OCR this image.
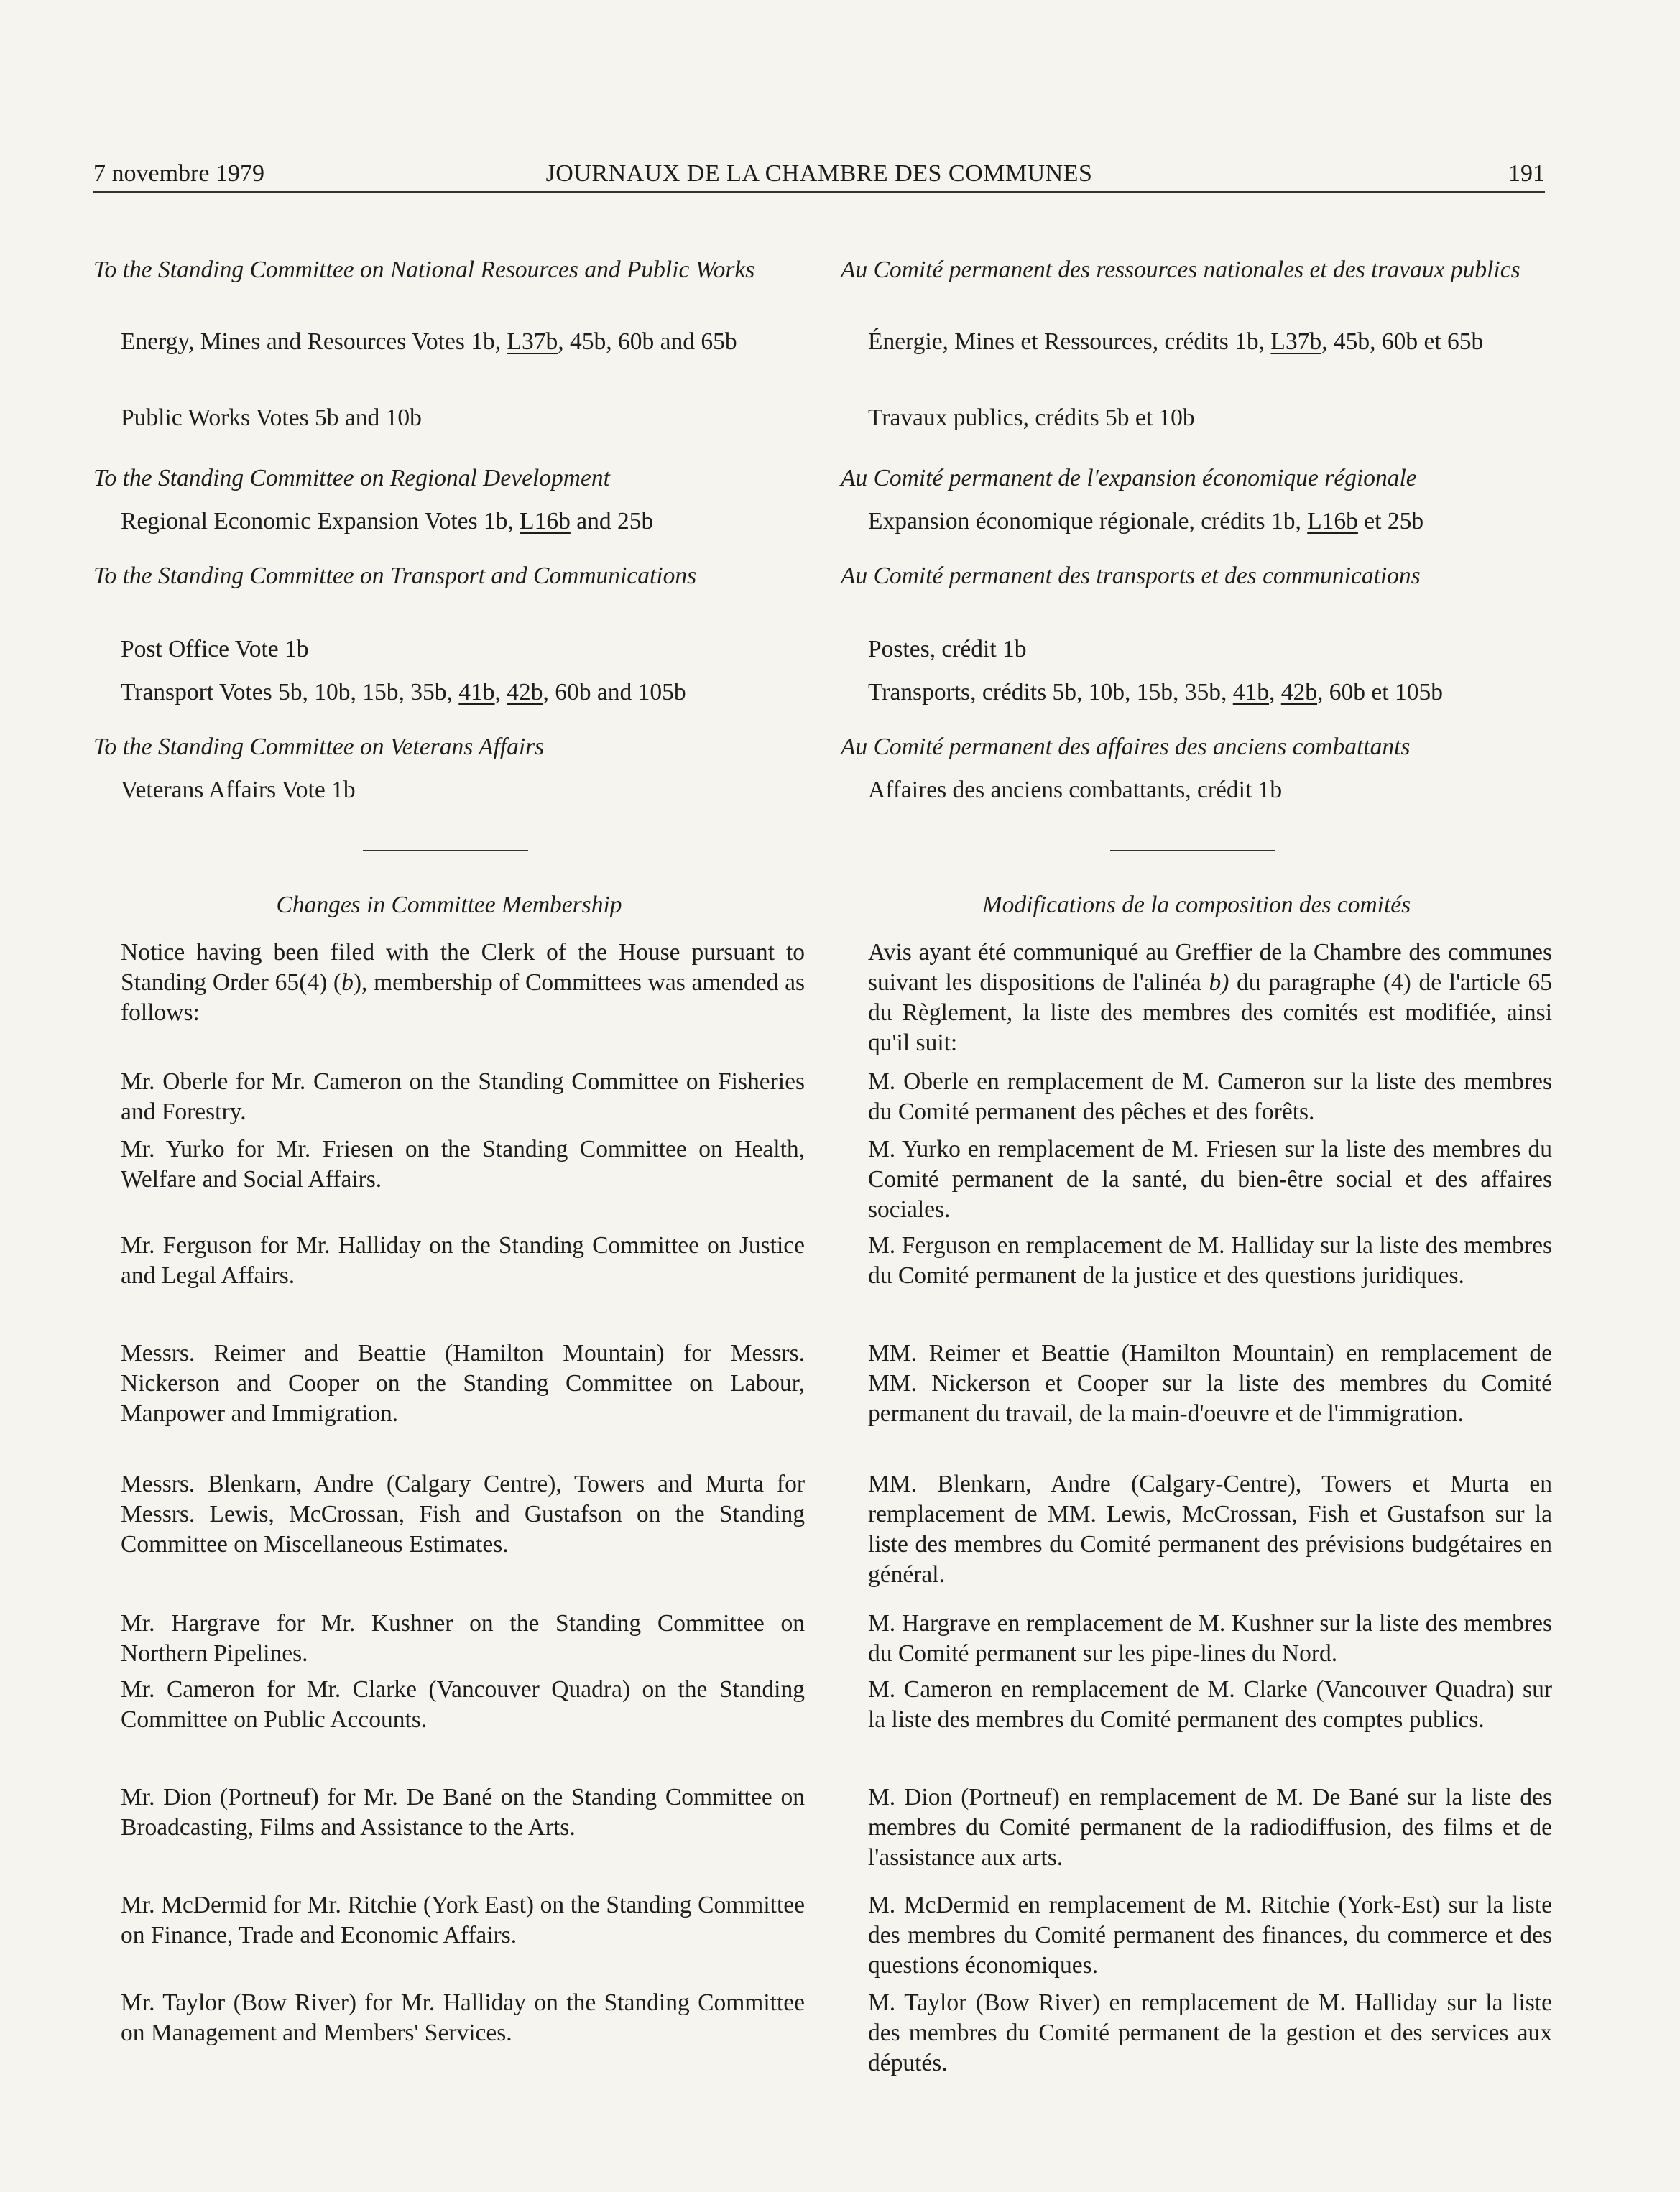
7 novembre 1979	JOURNAUX DE LA CHAMBRE DES COMMUNES	191

To the Standing Committee on National Resources and Public Works

Energy, Mines and Resources Votes 1b, L37b, 45b, 60b and 65b

Public Works Votes 5b and 10b

To the Standing Committee on Regional Development

Regional Economic Expansion Votes 1b, L16b and 25b

To the Standing Committee on Transport and Communications

Post Office Vote 1b

Transport Votes 5b, 10b, 15b, 35b, 41b, 42b, 60b and 105b

To the Standing Committee on Veterans Affairs

Veterans Affairs Vote 1b

Changes in Committee Membership

Notice having been filed with the Clerk of the House pursuant to Standing Order 65(4) (b), membership of Committees was amended as follows:

Mr. Oberle for Mr. Cameron on the Standing Committee on Fisheries and Forestry.

Mr. Yurko for Mr. Friesen on the Standing Committee on Health, Welfare and Social Affairs.

Mr. Ferguson for Mr. Halliday on the Standing Committee on Justice and Legal Affairs.

Messrs. Reimer and Beattie (Hamilton Mountain) for Messrs. Nickerson and Cooper on the Standing Committee on Labour, Manpower and Immigration.

Messrs. Blenkarn, Andre (Calgary Centre), Towers and Murta for Messrs. Lewis, McCrossan, Fish and Gustafson on the Standing Committee on Miscellaneous Estimates.

Mr. Hargrave for Mr. Kushner on the Standing Committee on Northern Pipelines.

Mr. Cameron for Mr. Clarke (Vancouver Quadra) on the Standing Committee on Public Accounts.

Mr. Dion (Portneuf) for Mr. De Bané on the Standing Committee on Broadcasting, Films and Assistance to the Arts.

Mr. McDermid for Mr. Ritchie (York East) on the Standing Committee on Finance, Trade and Economic Affairs.

Mr. Taylor (Bow River) for Mr. Halliday on the Standing Committee on Management and Members' Services.

Au Comité permanent des ressources nationales et des travaux publics

Énergie, Mines et Ressources, crédits 1b, L37b, 45b, 60b et 65b

Travaux publics, crédits 5b et 10b

Au Comité permanent de l'expansion économique régionale

Expansion économique régionale, crédits 1b, L16b et 25b

Au Comité permanent des transports et des communications

Postes, crédit 1b

Transports, crédits 5b, 10b, 15b, 35b, 41b, 42b, 60b et 105b

Au Comité permanent des affaires des anciens combattants

Affaires des anciens combattants, crédit 1b

Modifications de la composition des comités

Avis ayant été communiqué au Greffier de la Chambre des communes suivant les dispositions de l'alinéa b) du paragraphe (4) de l'article 65 du Règlement, la liste des membres des comités est modifiée, ainsi qu'il suit:

M. Oberle en remplacement de M. Cameron sur la liste des membres du Comité permanent des pêches et des forêts.

M. Yurko en remplacement de M. Friesen sur la liste des membres du Comité permanent de la santé, du bien-être social et des affaires sociales.

M. Ferguson en remplacement de M. Halliday sur la liste des membres du Comité permanent de la justice et des questions juridiques.

MM. Reimer et Beattie (Hamilton Mountain) en remplacement de MM. Nickerson et Cooper sur la liste des membres du Comité permanent du travail, de la main-d'oeuvre et de l'immigration.

MM. Blenkarn, Andre (Calgary-Centre), Towers et Murta en remplacement de MM. Lewis, McCrossan, Fish et Gustafson sur la liste des membres du Comité permanent des prévisions budgétaires en général.

M. Hargrave en remplacement de M. Kushner sur la liste des membres du Comité permanent sur les pipe-lines du Nord.

M. Cameron en remplacement de M. Clarke (Vancouver Quadra) sur la liste des membres du Comité permanent des comptes publics.

M. Dion (Portneuf) en remplacement de M. De Bané sur la liste des membres du Comité permanent de la radiodiffusion, des films et de l'assistance aux arts.

M. McDermid en remplacement de M. Ritchie (York-Est) sur la liste des membres du Comité permanent des finances, du commerce et des questions économiques.

M. Taylor (Bow River) en remplacement de M. Halliday sur la liste des membres du Comité permanent de la gestion et des services aux députés.
